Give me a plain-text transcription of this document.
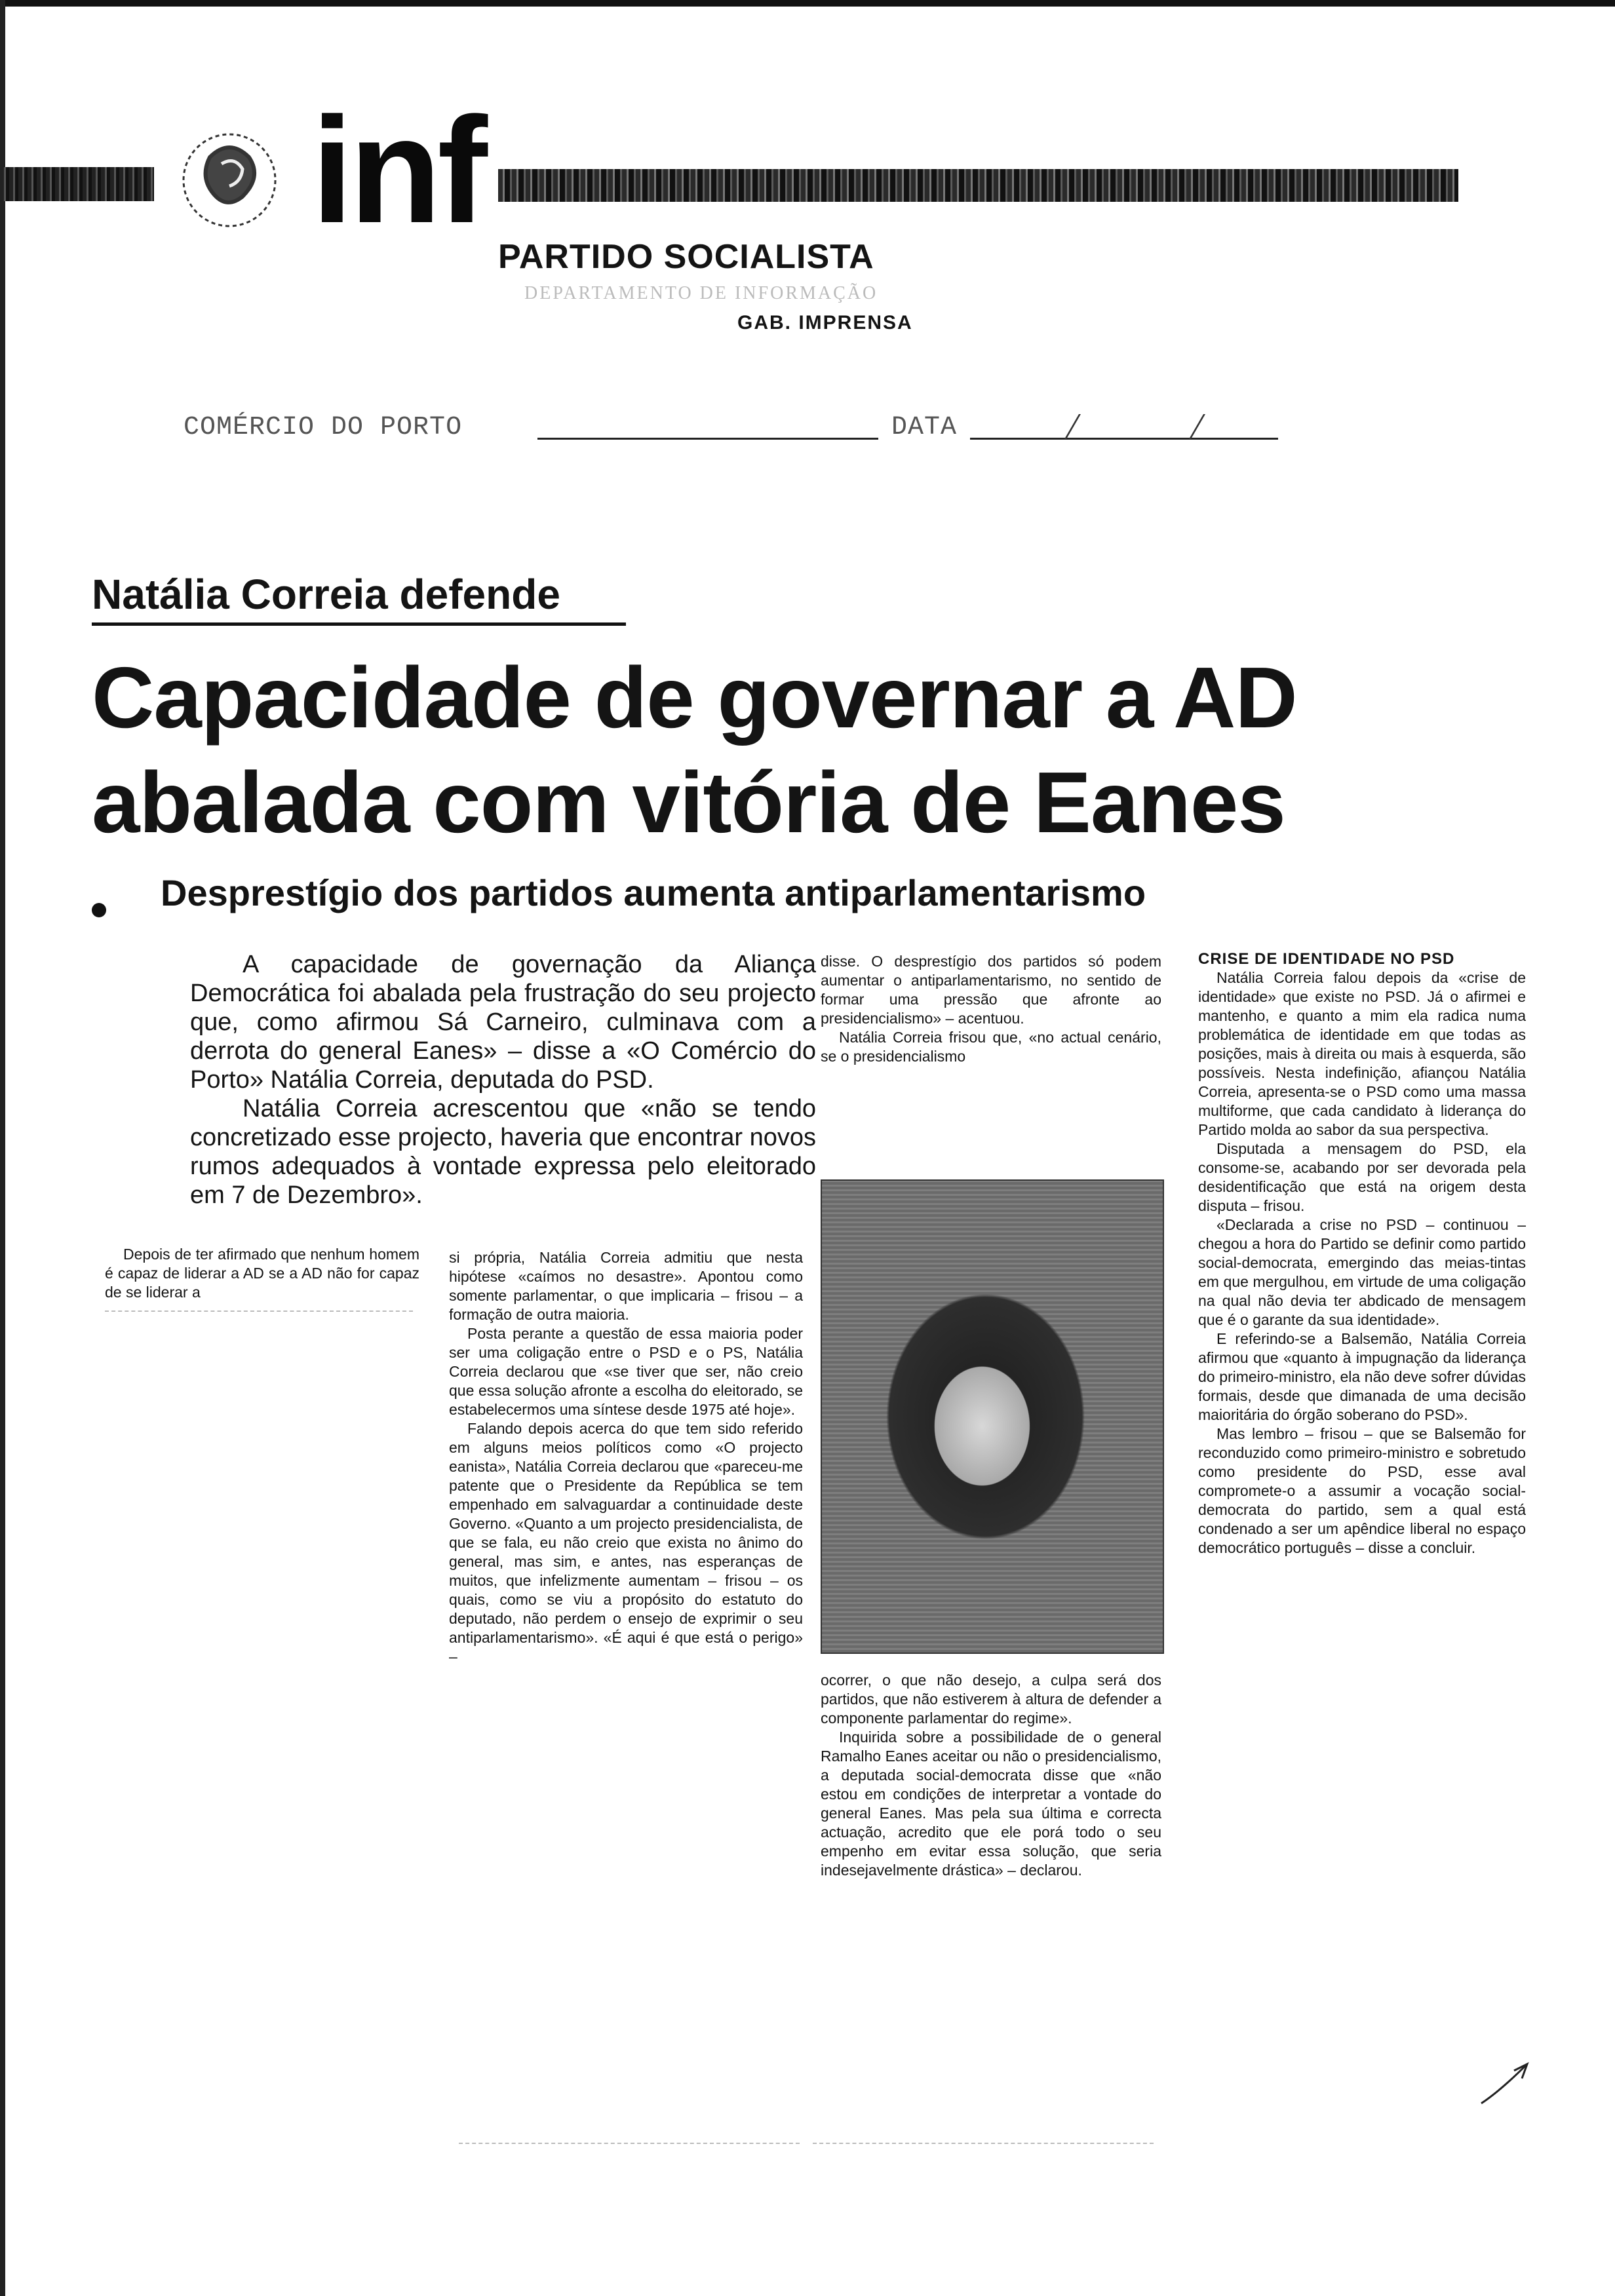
inf
PARTIDO SOCIALISTA
DEPARTAMENTO DE INFORMAÇÃO
GAB. IMPRENSA
COMÉRCIO DO PORTO	DATA
Natália Correia defende
Capacidade de governar a AD
abalada com vitória de Eanes
Desprestígio dos partidos aumenta antiparlamentarismo

A capacidade de governação da Aliança Democrática foi abalada pela frustração do seu projecto que, como afirmou Sá Carneiro, culminava com a derrota do general Eanes» – disse a «O Comércio do Porto» Natália Correia, deputada do PSD.

Natália Correia acrescentou que «não se tendo concretizado esse projecto, haveria que encontrar novos rumos adequados à vontade expressa pelo eleitorado em 7 de Dezembro».

Depois de ter afirmado que nenhum homem é capaz de liderar a AD se a AD não for capaz de se liderar a

si própria, Natália Correia admitiu que nesta hipótese «caímos no desastre». Apontou como somente parlamentar, o que implicaria – frisou – a formação de outra maioria.

Posta perante a questão de essa maioria poder ser uma coligação entre o PSD e o PS, Natália Correia declarou que «se tiver que ser, não creio que essa solução afronte a escolha do eleitorado, se estabelecermos uma síntese desde 1975 até hoje».

Falando depois acerca do que tem sido referido em alguns meios políticos como «O projecto eanista», Natália Correia declarou que «pareceu-me patente que o Presidente da República se tem empenhado em salvaguardar a continuidade deste Governo. «Quanto a um projecto presidencialista, de que se fala, eu não creio que exista no ânimo do general, mas sim, e antes, nas esperanças de muitos, que infelizmente aumentam – frisou – os quais, como se viu a propósito do estatuto do deputado, não perdem o ensejo de exprimir o seu antiparlamentarismo». «É aqui é que está o perigo» –

disse. O desprestígio dos partidos só podem aumentar o antiparlamentarismo, no sentido de formar uma pressão que afronte ao presidencialismo» – acentuou.

Natália Correia frisou que, «no actual cenário, se o presidencialismo

ocorrer, o que não desejo, a culpa será dos partidos, que não estiverem à altura de defender a componente parlamentar do regime».

Inquirida sobre a possibilidade de o general Ramalho Eanes aceitar ou não o presidencialismo, a deputada social-democrata disse que «não estou em condições de interpretar a vontade do general Eanes. Mas pela sua última e correcta actuação, acredito que ele porá todo o seu empenho em evitar essa solução, que seria indesejavelmente drástica» – declarou.

CRISE DE IDENTIDADE NO PSD

Natália Correia falou depois da «crise de identidade» que existe no PSD. Já o afirmei e mantenho, e quanto a mim ela radica numa problemática de identidade em que todas as posições, mais à direita ou mais à esquerda, são possíveis. Nesta indefinição, afiançou Natália Correia, apresenta-se o PSD como uma massa multiforme, que cada candidato à liderança do Partido molda ao sabor da sua perspectiva.

Disputada a mensagem do PSD, ela consome-se, acabando por ser devorada pela desidentificação que está na origem desta disputa – frisou.

«Declarada a crise no PSD – continuou – chegou a hora do Partido se definir como partido social-democrata, emergindo das meias-tintas em que mergulhou, em virtude de uma coligação na qual não devia ter abdicado de mensagem que é o garante da sua identidade».

E referindo-se a Balsemão, Natália Correia afirmou que «quanto à impugnação da liderança do primeiro-ministro, ela não deve sofrer dúvidas formais, desde que dimanada de uma decisão maioritária do órgão soberano do PSD».

Mas lembro – frisou – que se Balsemão for reconduzido como primeiro-ministro e sobretudo como presidente do PSD, esse aval compromete-o a assumir a vocação social-democrata do partido, sem a qual está condenado a ser um apêndice liberal no espaço democrático português – disse a concluir.
